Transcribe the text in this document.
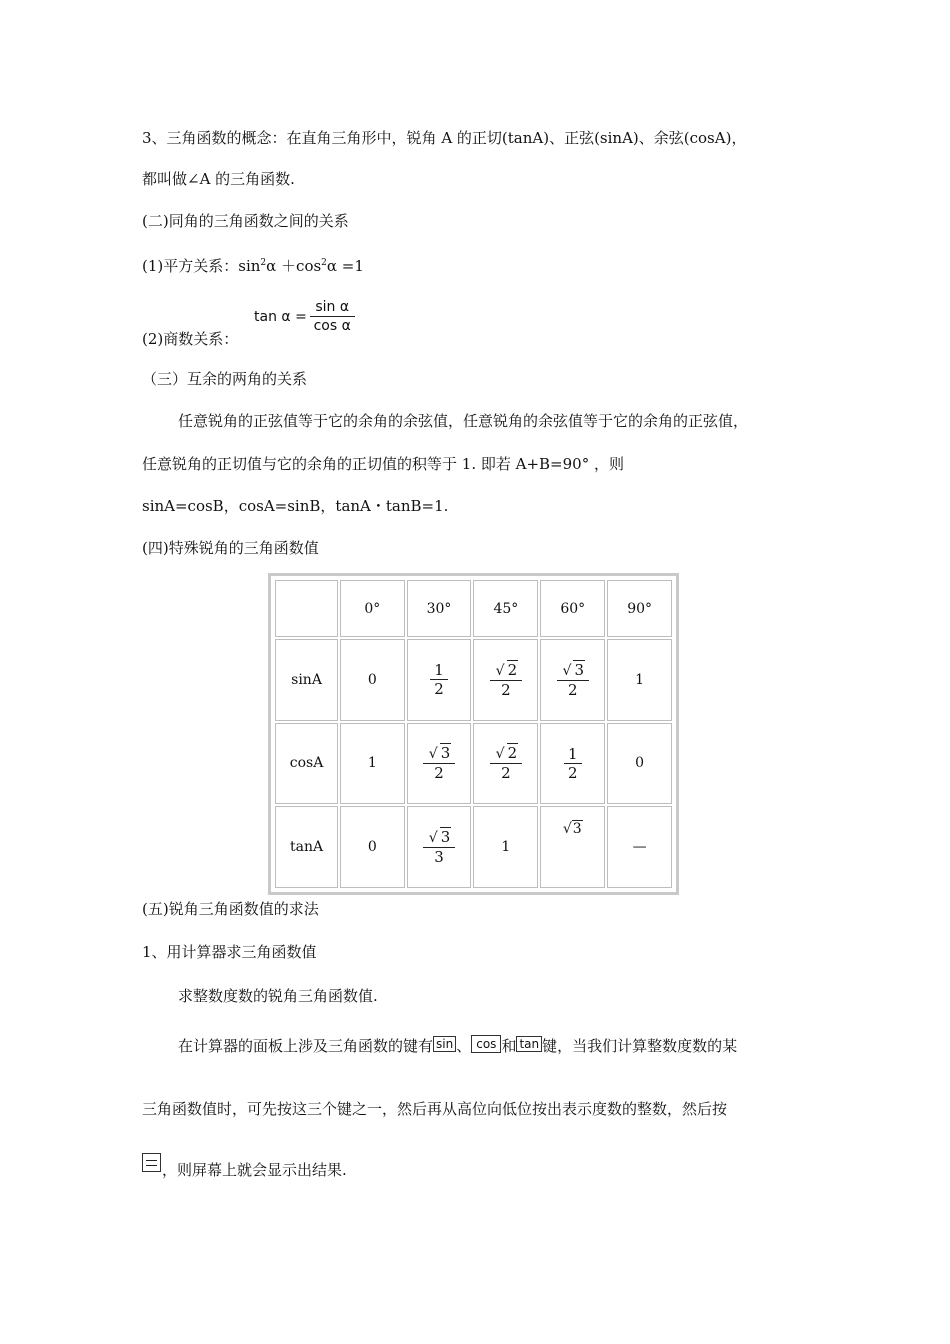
3、三角函数的概念：在直角三角形中，锐角 A 的正切(tanA)、正弦(sinA)、余弦(cosA)，
都叫做∠A 的三角函数.
(二)同角的三角函数之间的关系
(1)平方关系：$\sin^2\alpha +\cos^2\alpha =1$
(2)商数关系：
$\tan \alpha = \frac{\text{sin α}}{\text{cos α}}$
（三）互余的两角的关系
任意锐角的正弦值等于它的余角的余弦值，任意锐角的余弦值等于它的余角的正弦值，
任意锐角的正切值与它的余角的正切值的积等于 1. 即若 A+B=90° ，则
sinA=cosB，cosA=sinB，tanA・tanB=1.
(四)特殊锐角的三角函数值
	0°	30°	45°	60°	90°
sinA	0	$\frac{1}{2}$	$\frac{√ 2}{2}$	$\frac{√ 3}{2}$	1
cosA	1	$\frac{√ 3}{2}$	$\frac{√ 2}{2}$	$\frac{1}{2}$	0
tanA	0	$\frac{√ 3}{3}$	1	√3	—
(五)锐角三角函数值的求法
1、用计算器求三角函数值
求整数度数的锐角三角函数值.
在计算器的面板上涉及三角函数的键有 sin 、 cos 和 tan 键，当我们计算整数度数的某
三角函数值时，可先按这三个键之一，然后再从高位向低位按出表示度数的整数，然后按
，则屏幕上就会显示出结果.
